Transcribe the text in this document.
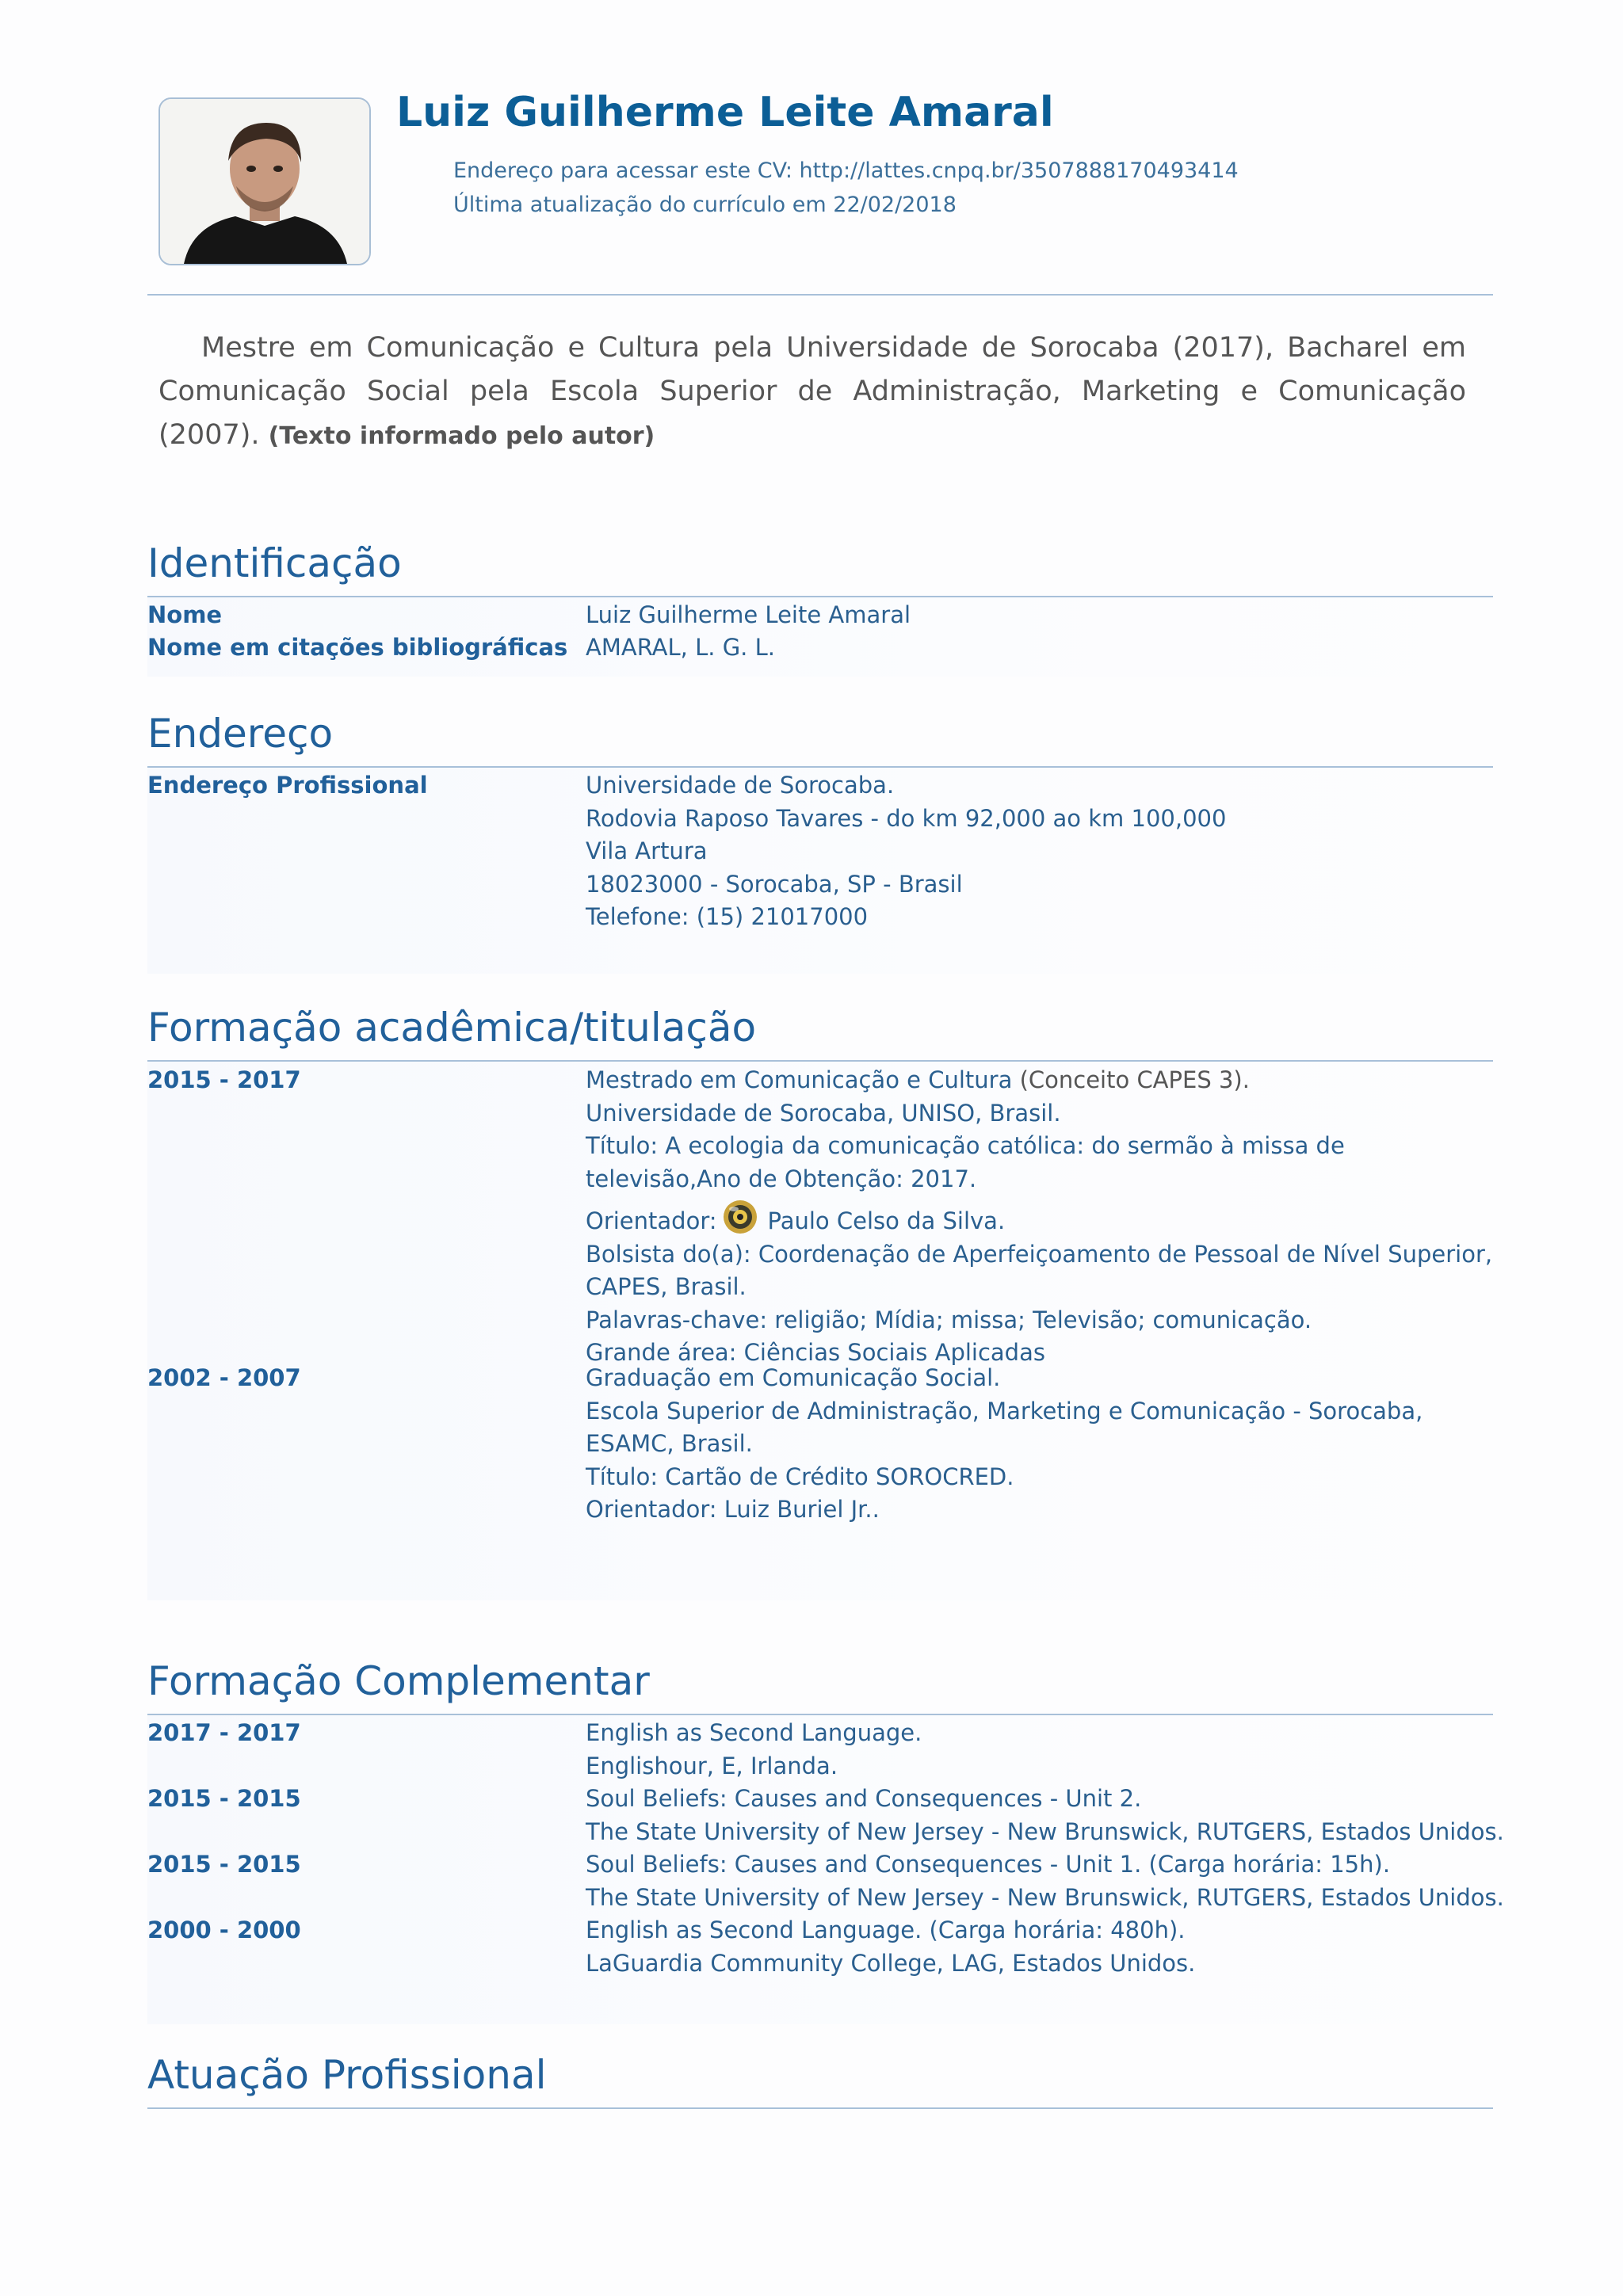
Luiz Guilherme Leite Amaral
Endereço para acessar este CV: http://lattes.cnpq.br/3507888170493414
Última atualização do currículo em 22/02/2018
Mestre em Comunicação e Cultura pela Universidade de Sorocaba (2017), Bacharel em Comunicação Social pela Escola Superior de Administração, Marketing e Comunicação (2007). (Texto informado pelo autor)
Identificação
Nome	Luiz Guilherme Leite Amaral
Nome em citações bibliográficas AMARAL, L. G. L.
Endereço
Endereço Profissional	Universidade de Sorocaba.
Rodovia Raposo Tavares - do km 92,000 ao km 100,000
Vila Artura
18023000 - Sorocaba, SP - Brasil
Telefone: (15) 21017000
Formação acadêmica/titulação
2015 - 2017	Mestrado em Comunicação e Cultura (Conceito CAPES 3).
Universidade de Sorocaba, UNISO, Brasil.
Título: A ecologia da comunicação católica: do sermão à missa de televisão,Ano de Obtenção: 2017.
Orientador: Paulo Celso da Silva.
Bolsista do(a): Coordenação de Aperfeiçoamento de Pessoal de Nível Superior, CAPES, Brasil.
Palavras-chave: religião; Mídia; missa; Televisão; comunicação.
Grande área: Ciências Sociais Aplicadas
2002 - 2007	Graduação em Comunicação Social.
Escola Superior de Administração, Marketing e Comunicação - Sorocaba, ESAMC, Brasil.
Título: Cartão de Crédito SOROCRED.
Orientador: Luiz Buriel Jr..
Formação Complementar
2017 - 2017	English as Second Language.
Englishour, E, Irlanda.
2015 - 2015	Soul Beliefs: Causes and Consequences - Unit 2.
The State University of New Jersey - New Brunswick, RUTGERS, Estados Unidos.
2015 - 2015	Soul Beliefs: Causes and Consequences - Unit 1. (Carga horária: 15h).
The State University of New Jersey - New Brunswick, RUTGERS, Estados Unidos.
2000 - 2000	English as Second Language. (Carga horária: 480h).
LaGuardia Community College, LAG, Estados Unidos.
Atuação Profissional
